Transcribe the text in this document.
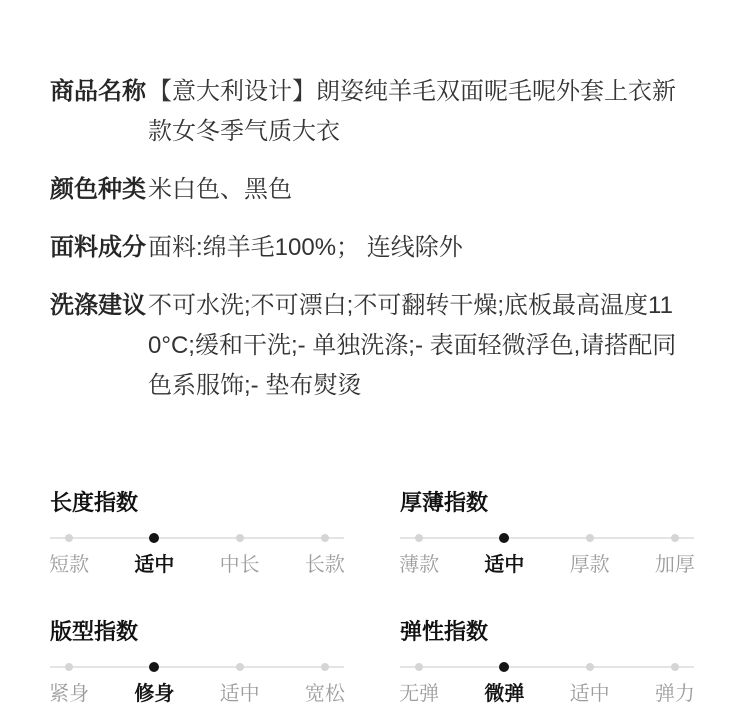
商品名称 【意大利设计】朗姿纯羊毛双面呢毛呢外套上衣新款女冬季气质大衣
颜色种类 米白色、黑色
面料成分 面料:绵羊毛100%； 连线除外
洗涤建议 不可水洗;不可漂白;不可翻转干燥;底板最高温度110°C;缓和干洗;- 单独洗涤;- 表面轻微浮色,请搭配同色系服饰;- 垫布熨烫
长度指数
短款 适中 中长 长款
厚薄指数
薄款 适中 厚款 加厚
版型指数
紧身 修身 适中 宽松
弹性指数
无弹 微弹 适中 弹力
